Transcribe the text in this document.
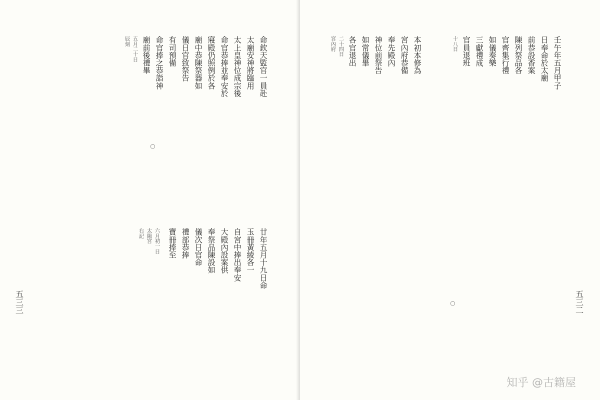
五三三
命欽天監官一員赴
太廟安神將臨用
太上皇神位成宗後
命官恭捧並奉安於
寢殿仍照例於各
廟中恭陳祭器如
儀日官致祭告
有司預備
命官捧之恭詣神
廟前後禮畢
五月二十日
辰刻
○
廿年五月十九日命
玉冊黃綾各一
自宮中捧出奉安
大殿內設案供
奉祭品陳設如
儀次日官命
禮部恭捧
寶冊捧至
六月初一日
太陽宮
右記
五三二
壬午年五月甲子
日奉命於太廟
前恭設香案
陳列祭品各
官齊集行禮
如儀奏樂
三獻禮成
官員退班
十八日
本初本修為
宮內府恭備
奉先殿內
神位前祭告
如常儀畢
各官退出
二十四日
宮內府
○
知乎 @古籍屋
